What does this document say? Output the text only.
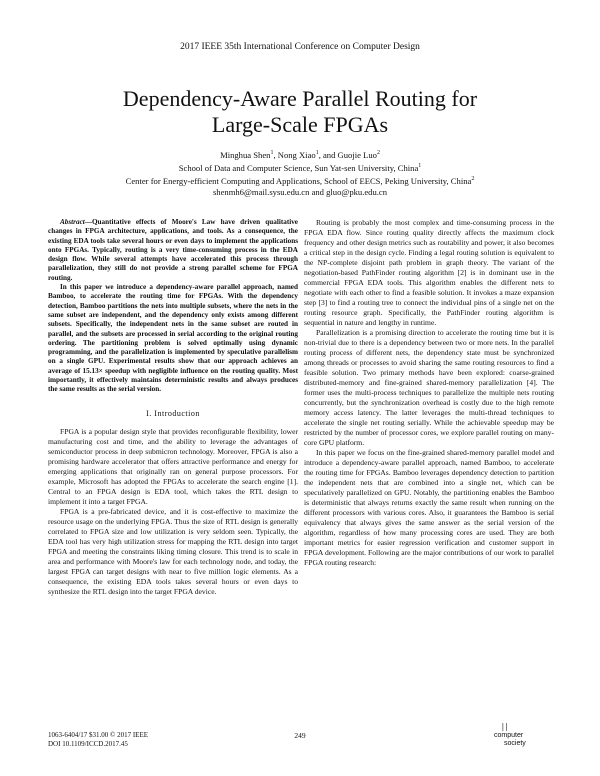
2017 IEEE 35th International Conference on Computer Design
Dependency-Aware Parallel Routing for
Large-Scale FPGAs
Minghua Shen$^1$, Nong Xiao$^1$, and Guojie Luo$^2$
School of Data and Computer Science, Sun Yat-sen University, China$^1$
Center for Energy-efficient Computing and Applications, School of EECS, Peking University, China$^2$
shenmh6@mail.sysu.edu.cn and gluo@pku.edu.cn

Abstract—Quantitative effects of Moore's Law have driven qualitative changes in FPGA architecture, applications, and tools. As a consequence, the existing EDA tools take several hours or even days to implement the applications onto FPGAs. Typically, routing is a very time-consuming process in the EDA design flow. While several attempts have accelerated this process through parallelization, they still do not provide a strong parallel scheme for FPGA routing.

In this paper we introduce a dependency-aware parallel approach, named Bamboo, to accelerate the routing time for FPGAs. With the dependency detection, Bamboo partitions the nets into multiple subsets, where the nets in the same subset are independent, and the dependency only exists among different subsets. Specifically, the independent nets in the same subset are routed in parallel, and the subsets are processed in serial according to the original routing ordering. The partitioning problem is solved optimally using dynamic programming, and the parallelization is implemented by speculative parallelism on a single GPU. Experimental results show that our approach achieves an average of 15.13× speedup with negligible influence on the routing quality. Most importantly, it effectively maintains deterministic results and always produces the same results as the serial version.

I. Introduction

FPGA is a popular design style that provides reconfigurable flexibility, lower manufacturing cost and time, and the ability to leverage the advantages of semiconductor process in deep submicron technology. Moreover, FPGA is also a promising hardware accelerator that offers attractive performance and energy for emerging applications that originally ran on general purpose processors. For example, Microsoft has adopted the FPGAs to accelerate the search engine [1]. Central to an FPGA design is EDA tool, which takes the RTL design to implement it into a target FPGA.

FPGA is a pre-fabricated device, and it is cost-effective to maximize the resource usage on the underlying FPGA. Thus the size of RTL design is generally correlated to FPGA size and low utilization is very seldom seen. Typically, the EDA tool has very high utilization stress for mapping the RTL design into target FPGA and meeting the constraints liking timing closure. This trend is to scale in area and performance with Moore's law for each technology node, and today, the largest FPGA can target designs with near to five million logic elements. As a consequence, the existing EDA tools takes several hours or even days to synthesize the RTL design into the target FPGA device.

Routing is probably the most complex and time-consuming process in the FPGA EDA flow. Since routing quality directly affects the maximum clock frequency and other design metrics such as routability and power, it also becomes a critical step in the design cycle. Finding a legal routing solution is equivalent to the NP-complete disjoint path problem in graph theory. The variant of the negotiation-based PathFinder routing algorithm [2] is in dominant use in the commercial FPGA EDA tools. This algorithm enables the different nets to negotiate with each other to find a feasible solution. It invokes a maze expansion step [3] to find a routing tree to connect the individual pins of a single net on the routing resource graph. Specifically, the PathFinder routing algorithm is sequential in nature and lengthy in runtime.

Parallelization is a promising direction to accelerate the routing time but it is non-trivial due to there is a dependency between two or more nets. In the parallel routing process of different nets, the dependency state must be synchronized among threads or processes to avoid sharing the same routing resources to find a feasible solution. Two primary methods have been explored: coarse-grained distributed-memory and fine-grained shared-memory parallelization [4]. The former uses the multi-process techniques to parallelize the multiple nets routing concurrently, but the synchronization overhead is costly due to the high remote memory access latency. The latter leverages the multi-thread techniques to accelerate the single net routing serially. While the achievable speedup may be restricted by the number of processor cores, we explore parallel routing on many-core GPU platform.

In this paper we focus on the fine-grained shared-memory parallel model and introduce a dependency-aware parallel approach, named Bamboo, to accelerate the routing time for FPGAs. Bamboo leverages dependency detection to partition the independent nets that are combined into a single net, which can be speculatively parallelized on GPU. Notably, the partitioning enables the Bamboo is deterministic that always returns exactly the same result when running on the different processors with various cores. Also, it guarantees the Bamboo is serial equivalency that always gives the same answer as the serial version of the algorithm, regardless of how many processing cores are used. They are both important metrics for easier regression verification and customer support in FPGA development. Following are the major contributions of our work to parallel FPGA routing research:

1063-6404/17 $31.00 © 2017 IEEE
DOI 10.1109/ICCD.2017.45
249
| |
computer
society
